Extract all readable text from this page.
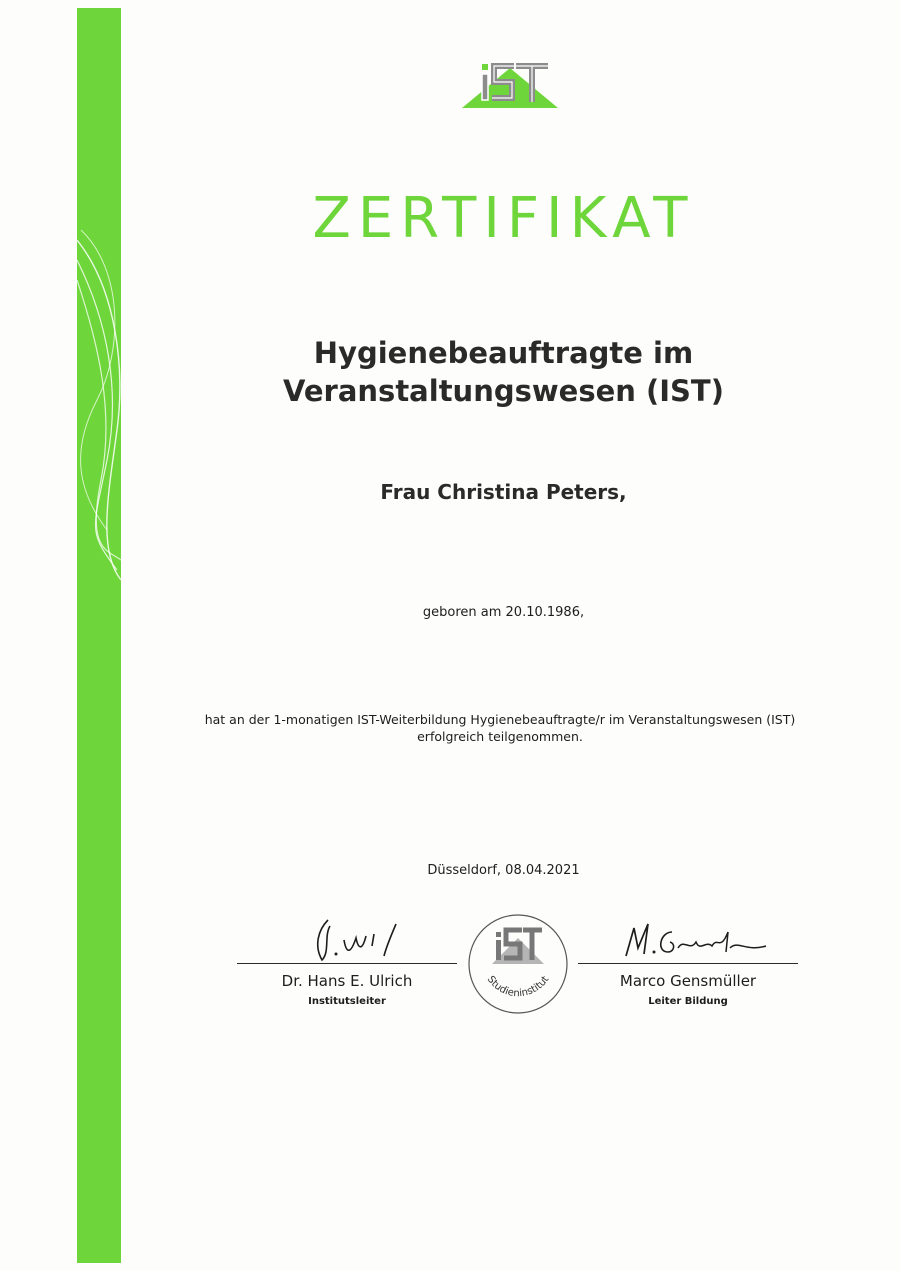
ZERTIFIKAT
Hygienebeauftragte im
Veranstaltungswesen (IST)
Frau Christina Peters,
geboren am 20.10.1986,
hat an der 1-monatigen IST-Weiterbildung Hygienebeauftragte/r im Veranstaltungswesen (IST)
erfolgreich teilgenommen.
Düsseldorf, 08.04.2021
Dr. Hans E. Ulrich
Institutsleiter
Studieninstitut	Marco Gensmüller
Leiter Bildung
